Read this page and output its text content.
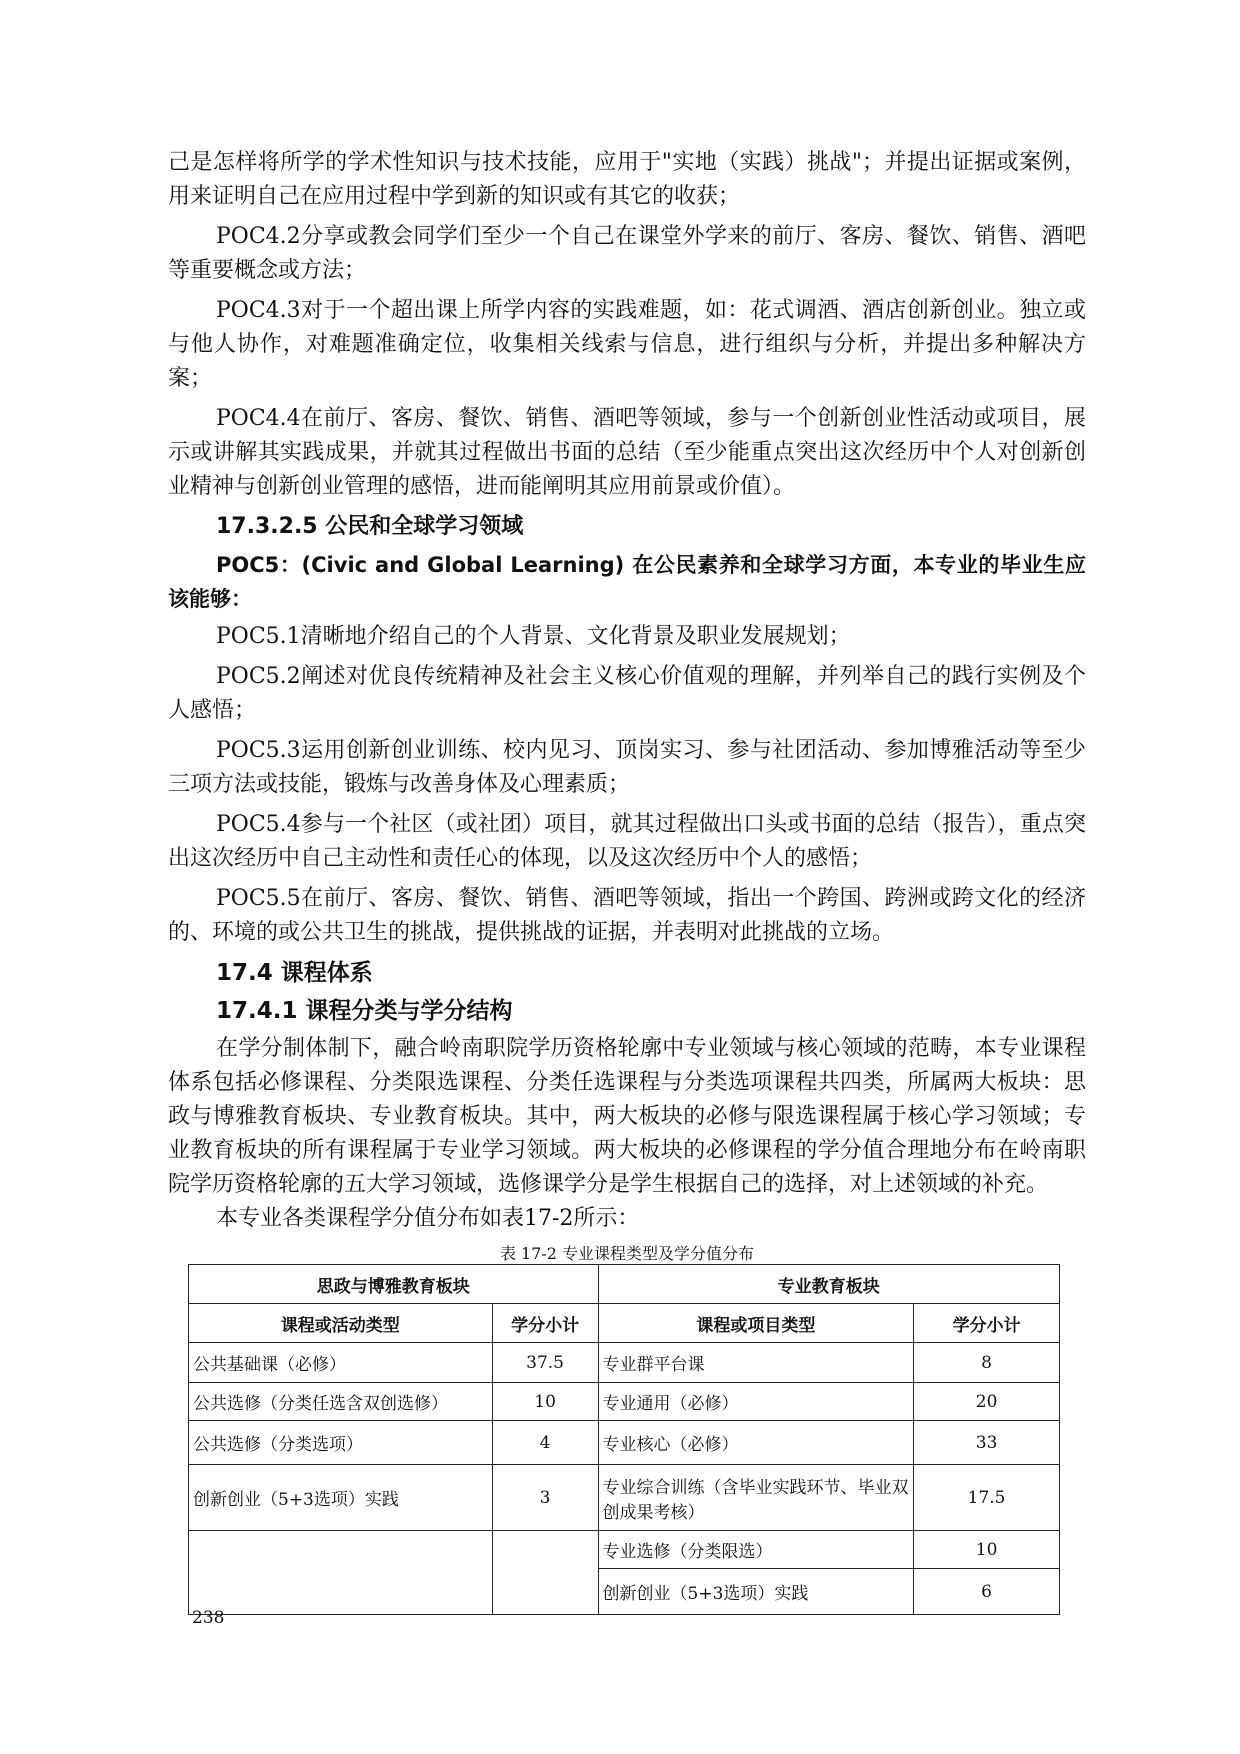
己是怎样将所学的学术性知识与技术技能，应用于"实地（实践）挑战"；并提出证据或案例，用来证明自己在应用过程中学到新的知识或有其它的收获；

POC4.2分享或教会同学们至少一个自己在课堂外学来的前厅、客房、餐饮、销售、酒吧等重要概念或方法；

POC4.3对于一个超出课上所学内容的实践难题，如：花式调酒、酒店创新创业。独立或与他人协作，对难题准确定位，收集相关线索与信息，进行组织与分析，并提出多种解决方案；

POC4.4在前厅、客房、餐饮、销售、酒吧等领域，参与一个创新创业性活动或项目，展示或讲解其实践成果，并就其过程做出书面的总结（至少能重点突出这次经历中个人对创新创业精神与创新创业管理的感悟，进而能阐明其应用前景或价值）。

17.3.2.5 公民和全球学习领域

POC5：(Civic and Global Learning) 在公民素养和全球学习方面，本专业的毕业生应该能够：

POC5.1清晰地介绍自己的个人背景、文化背景及职业发展规划；

POC5.2阐述对优良传统精神及社会主义核心价值观的理解，并列举自己的践行实例及个人感悟；

POC5.3运用创新创业训练、校内见习、顶岗实习、参与社团活动、参加博雅活动等至少三项方法或技能，锻炼与改善身体及心理素质；

POC5.4参与一个社区（或社团）项目，就其过程做出口头或书面的总结（报告），重点突出这次经历中自己主动性和责任心的体现，以及这次经历中个人的感悟；

POC5.5在前厅、客房、餐饮、销售、酒吧等领域，指出一个跨国、跨洲或跨文化的经济的、环境的或公共卫生的挑战，提供挑战的证据，并表明对此挑战的立场。

17.4 课程体系
17.4.1 课程分类与学分结构

在学分制体制下，融合岭南职院学历资格轮廓中专业领域与核心领域的范畴，本专业课程体系包括必修课程、分类限选课程、分类任选课程与分类选项课程共四类，所属两大板块：思政与博雅教育板块、专业教育板块。其中，两大板块的必修与限选课程属于核心学习领域；专业教育板块的所有课程属于专业学习领域。两大板块的必修课程的学分值合理地分布在岭南职院学历资格轮廓的五大学习领域，选修课学分是学生根据自己的选择，对上述领域的补充。

本专业各类课程学分值分布如表17-2所示：

表 17-2 专业课程类型及学分值分布
思政与博雅教育板块		专业教育板块	
课程或活动类型	学分小计	课程或项目类型	学分小计
公共基础课（必修）	37.5	专业群平台课	8
公共选修（分类任选含双创选修）	10	专业通用（必修）	20
公共选修（分类选项）	4	专业核心（必修）	33
创新创业（5+3选项）实践	3	专业综合训练（含毕业实践环节、毕业双创成果考核）	17.5
		专业选修（分类限选）	10
		创新创业（5+3选项）实践	6
238
